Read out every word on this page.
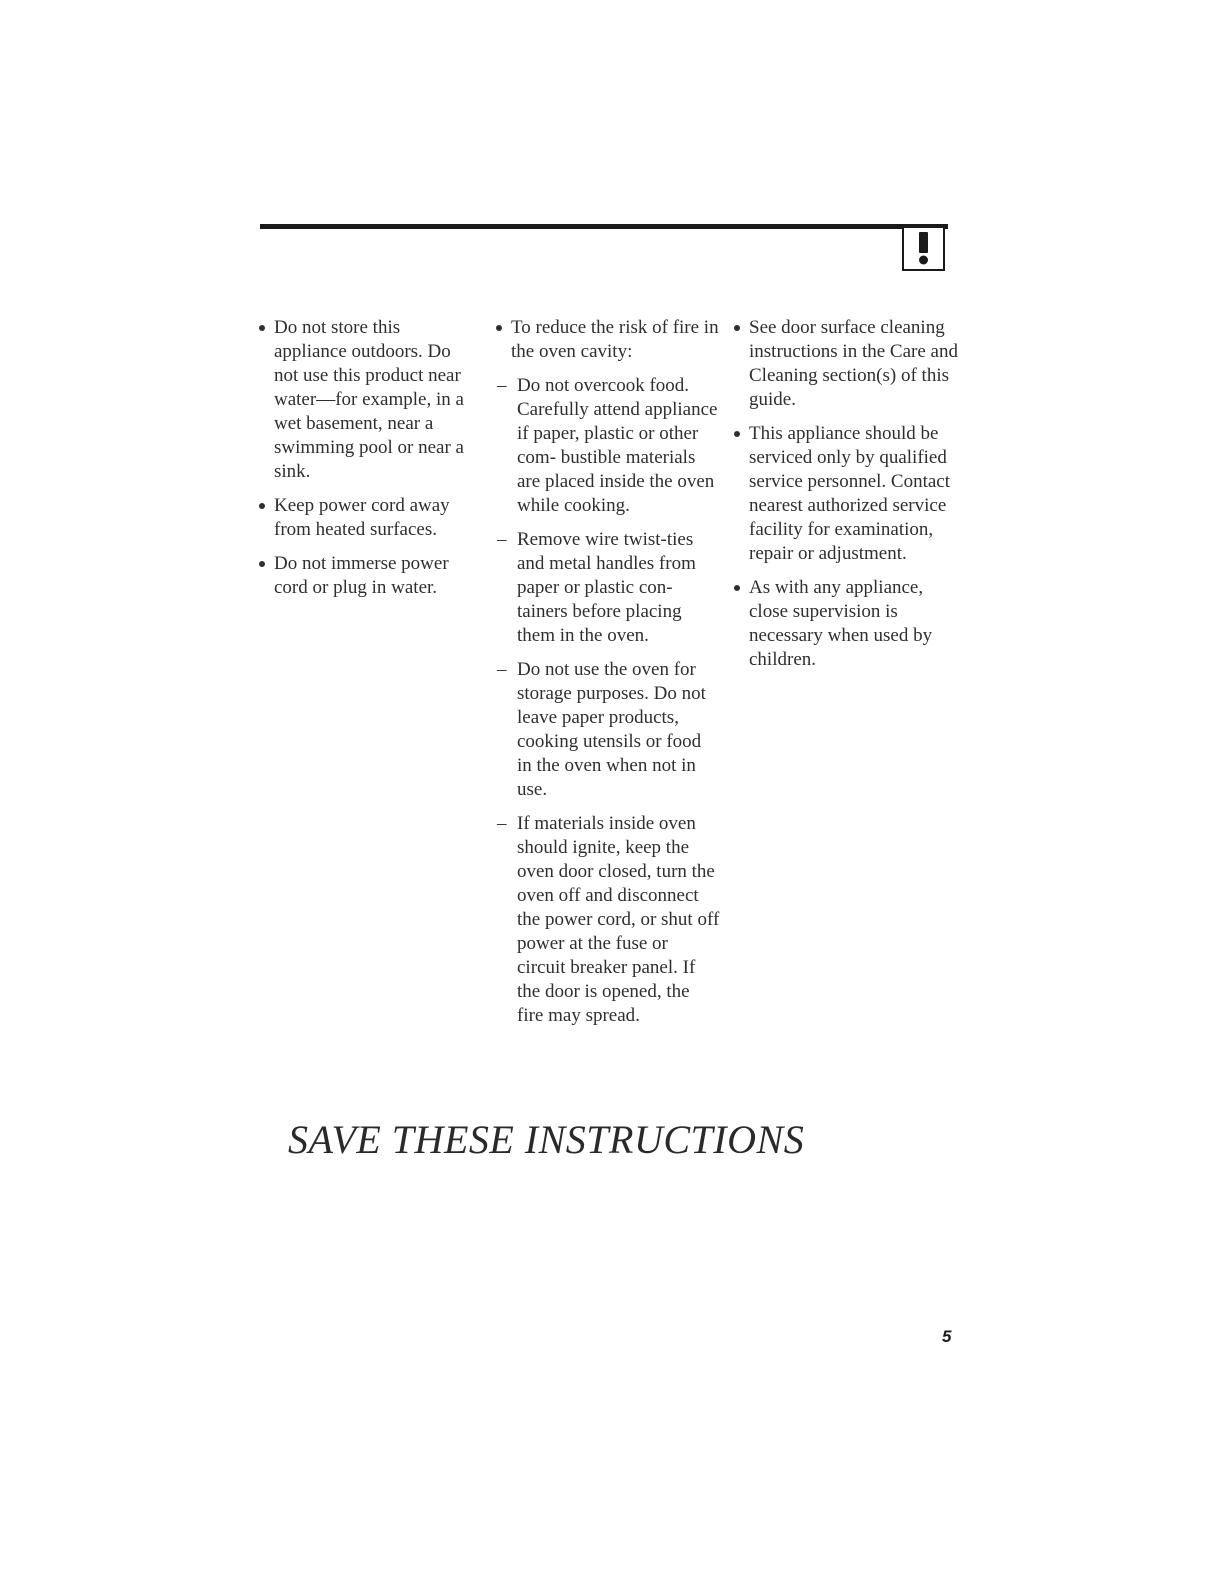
Do not store this appliance outdoors. Do not use this product near water—for example, in a wet basement, near a swimming pool or near a sink.
Keep power cord away from heated surfaces.
Do not immerse power cord or plug in water.
To reduce the risk of fire in the oven cavity:
– Do not overcook food. Carefully attend appliance if paper, plastic or other com- bustible materials are placed inside the oven while cooking.
– Remove wire twist-ties and metal handles from paper or plastic con- tainers before placing them in the oven.
– Do not use the oven for storage purposes. Do not leave paper products, cooking utensils or food in the oven when not in use.
– If materials inside oven should ignite, keep the oven door closed, turn the oven off and disconnect the power cord, or shut off power at the fuse or circuit breaker panel. If the door is opened, the fire may spread.
See door surface cleaning instructions in the Care and Cleaning section(s) of this guide.
This appliance should be serviced only by qualified service personnel. Contact nearest authorized service facility for examination, repair or adjustment.
As with any appliance, close supervision is necessary when used by children.
SAVE THESE INSTRUCTIONS
5
